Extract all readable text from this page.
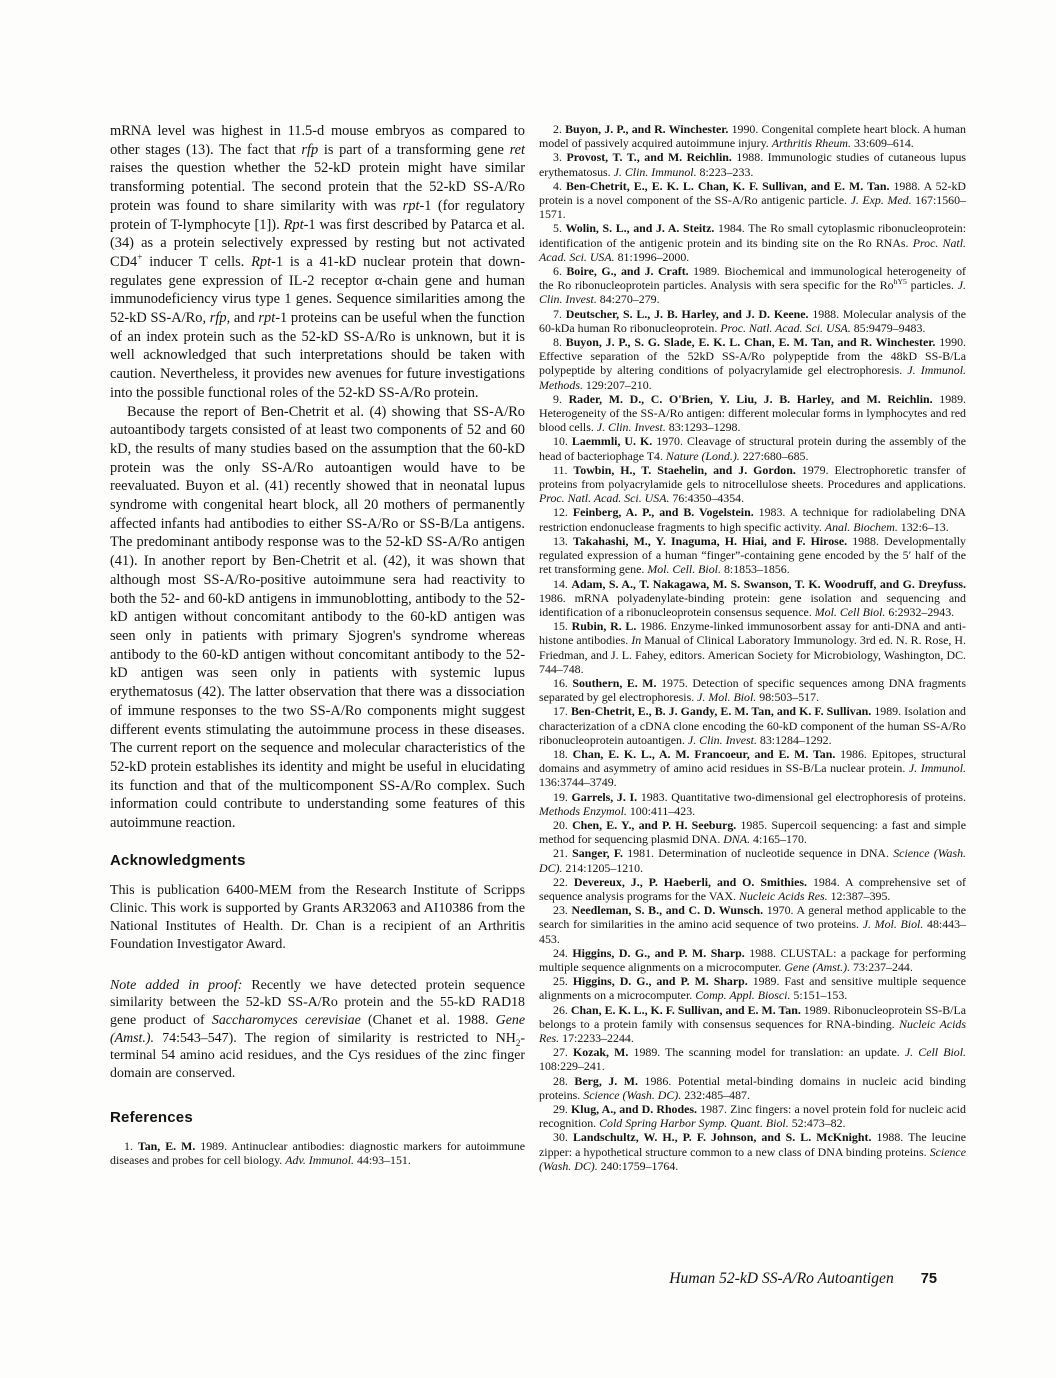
mRNA level was highest in 11.5-d mouse embryos as compared to other stages (13). The fact that rfp is part of a transforming gene ret raises the question whether the 52-kD protein might have similar transforming potential. The second protein that the 52-kD SS-A/Ro protein was found to share similarity with was rpt-1 (for regulatory protein of T-lymphocyte [1]). Rpt-1 was first described by Patarca et al. (34) as a protein selectively expressed by resting but not activated CD4+ inducer T cells. Rpt-1 is a 41-kD nuclear protein that down-regulates gene expression of IL-2 receptor α-chain gene and human immunodeficiency virus type 1 genes. Sequence similarities among the 52-kD SS-A/Ro, rfp, and rpt-1 proteins can be useful when the function of an index protein such as the 52-kD SS-A/Ro is unknown, but it is well acknowledged that such interpretations should be taken with caution. Nevertheless, it provides new avenues for future investigations into the possible functional roles of the 52-kD SS-A/Ro protein.

Because the report of Ben-Chetrit et al. (4) showing that SS-A/Ro autoantibody targets consisted of at least two components of 52 and 60 kD, the results of many studies based on the assumption that the 60-kD protein was the only SS-A/Ro autoantigen would have to be reevaluated. Buyon et al. (41) recently showed that in neonatal lupus syndrome with congenital heart block, all 20 mothers of permanently affected infants had antibodies to either SS-A/Ro or SS-B/La antigens. The predominant antibody response was to the 52-kD SS-A/Ro antigen (41). In another report by Ben-Chetrit et al. (42), it was shown that although most SS-A/Ro-positive autoimmune sera had reactivity to both the 52- and 60-kD antigens in immunoblotting, antibody to the 52-kD antigen without concomitant antibody to the 60-kD antigen was seen only in patients with primary Sjogren's syndrome whereas antibody to the 60-kD antigen without concomitant antibody to the 52-kD antigen was seen only in patients with systemic lupus erythematosus (42). The latter observation that there was a dissociation of immune responses to the two SS-A/Ro components might suggest different events stimulating the autoimmune process in these diseases. The current report on the sequence and molecular characteristics of the 52-kD protein establishes its identity and might be useful in elucidating its function and that of the multicomponent SS-A/Ro complex. Such information could contribute to understanding some features of this autoimmune reaction.

Acknowledgments

This is publication 6400-MEM from the Research Institute of Scripps Clinic. This work is supported by Grants AR32063 and AI10386 from the National Institutes of Health. Dr. Chan is a recipient of an Arthritis Foundation Investigator Award.

Note added in proof: Recently we have detected protein sequence similarity between the 52-kD SS-A/Ro protein and the 55-kD RAD18 gene product of Saccharomyces cerevisiae (Chanet et al. 1988. Gene (Amst.). 74:543–547). The region of similarity is restricted to $NH_2$-terminal 54 amino acid residues, and the Cys residues of the zinc finger domain are conserved.

References

1. Tan, E. M. 1989. Antinuclear antibodies: diagnostic markers for autoimmune diseases and probes for cell biology. Adv. Immunol. 44:93–151.

2. Buyon, J. P., and R. Winchester. 1990. Congenital complete heart block. A human model of passively acquired autoimmune injury. Arthritis Rheum. 33:609–614.

3. Provost, T. T., and M. Reichlin. 1988. Immunologic studies of cutaneous lupus erythematosus. J. Clin. Immunol. 8:223–233.

4. Ben-Chetrit, E., E. K. L. Chan, K. F. Sullivan, and E. M. Tan. 1988. A 52-kD protein is a novel component of the SS-A/Ro antigenic particle. J. Exp. Med. 167:1560–1571.

5. Wolin, S. L., and J. A. Steitz. 1984. The Ro small cytoplasmic ribonucleoprotein: identification of the antigenic protein and its binding site on the Ro RNAs. Proc. Natl. Acad. Sci. USA. 81:1996–2000.

6. Boire, G., and J. Craft. 1989. Biochemical and immunological heterogeneity of the Ro ribonucleoprotein particles. Analysis with sera specific for the $Ro^{hY5}$ particles. J. Clin. Invest. 84:270–279.

7. Deutscher, S. L., J. B. Harley, and J. D. Keene. 1988. Molecular analysis of the 60-kDa human Ro ribonucleoprotein. Proc. Natl. Acad. Sci. USA. 85:9479–9483.

8. Buyon, J. P., S. G. Slade, E. K. L. Chan, E. M. Tan, and R. Winchester. 1990. Effective separation of the 52kD SS-A/Ro polypeptide from the 48kD SS-B/La polypeptide by altering conditions of polyacrylamide gel electrophoresis. J. Immunol. Methods. 129:207–210.

9. Rader, M. D., C. O'Brien, Y. Liu, J. B. Harley, and M. Reichlin. 1989. Heterogeneity of the SS-A/Ro antigen: different molecular forms in lymphocytes and red blood cells. J. Clin. Invest. 83:1293–1298.

10. Laemmli, U. K. 1970. Cleavage of structural protein during the assembly of the head of bacteriophage T4. Nature (Lond.). 227:680–685.

11. Towbin, H., T. Staehelin, and J. Gordon. 1979. Electrophoretic transfer of proteins from polyacrylamide gels to nitrocellulose sheets. Procedures and applications. Proc. Natl. Acad. Sci. USA. 76:4350–4354.

12. Feinberg, A. P., and B. Vogelstein. 1983. A technique for radiolabeling DNA restriction endonuclease fragments to high specific activity. Anal. Biochem. 132:6–13.

13. Takahashi, M., Y. Inaguma, H. Hiai, and F. Hirose. 1988. Developmentally regulated expression of a human “finger”-containing gene encoded by the 5′ half of the ret transforming gene. Mol. Cell. Biol. 8:1853–1856.

14. Adam, S. A., T. Nakagawa, M. S. Swanson, T. K. Woodruff, and G. Dreyfuss. 1986. mRNA polyadenylate-binding protein: gene isolation and sequencing and identification of a ribonucleoprotein consensus sequence. Mol. Cell Biol. 6:2932–2943.

15. Rubin, R. L. 1986. Enzyme-linked immunosorbent assay for anti-DNA and anti-histone antibodies. In Manual of Clinical Laboratory Immunology. 3rd ed. N. R. Rose, H. Friedman, and J. L. Fahey, editors. American Society for Microbiology, Washington, DC. 744–748.

16. Southern, E. M. 1975. Detection of specific sequences among DNA fragments separated by gel electrophoresis. J. Mol. Biol. 98:503–517.

17. Ben-Chetrit, E., B. J. Gandy, E. M. Tan, and K. F. Sullivan. 1989. Isolation and characterization of a cDNA clone encoding the 60-kD component of the human SS-A/Ro ribonucleoprotein autoantigen. J. Clin. Invest. 83:1284–1292.

18. Chan, E. K. L., A. M. Francoeur, and E. M. Tan. 1986. Epitopes, structural domains and asymmetry of amino acid residues in SS-B/La nuclear protein. J. Immunol. 136:3744–3749.

19. Garrels, J. I. 1983. Quantitative two-dimensional gel electrophoresis of proteins. Methods Enzymol. 100:411–423.

20. Chen, E. Y., and P. H. Seeburg. 1985. Supercoil sequencing: a fast and simple method for sequencing plasmid DNA. DNA. 4:165–170.

21. Sanger, F. 1981. Determination of nucleotide sequence in DNA. Science (Wash. DC). 214:1205–1210.

22. Devereux, J., P. Haeberli, and O. Smithies. 1984. A comprehensive set of sequence analysis programs for the VAX. Nucleic Acids Res. 12:387–395.

23. Needleman, S. B., and C. D. Wunsch. 1970. A general method applicable to the search for similarities in the amino acid sequence of two proteins. J. Mol. Biol. 48:443–453.

24. Higgins, D. G., and P. M. Sharp. 1988. CLUSTAL: a package for performing multiple sequence alignments on a microcomputer. Gene (Amst.). 73:237–244.

25. Higgins, D. G., and P. M. Sharp. 1989. Fast and sensitive multiple sequence alignments on a microcomputer. Comp. Appl. Biosci. 5:151–153.

26. Chan, E. K. L., K. F. Sullivan, and E. M. Tan. 1989. Ribonucleoprotein SS-B/La belongs to a protein family with consensus sequences for RNA-binding. Nucleic Acids Res. 17:2233–2244.

27. Kozak, M. 1989. The scanning model for translation: an update. J. Cell Biol. 108:229–241.

28. Berg, J. M. 1986. Potential metal-binding domains in nucleic acid binding proteins. Science (Wash. DC). 232:485–487.

29. Klug, A., and D. Rhodes. 1987. Zinc fingers: a novel protein fold for nucleic acid recognition. Cold Spring Harbor Symp. Quant. Biol. 52:473–82.

30. Landschultz, W. H., P. F. Johnson, and S. L. McKnight. 1988. The leucine zipper: a hypothetical structure common to a new class of DNA binding proteins. Science (Wash. DC). 240:1759–1764.

Human 52-kD SS-A/Ro Autoantigen 75
